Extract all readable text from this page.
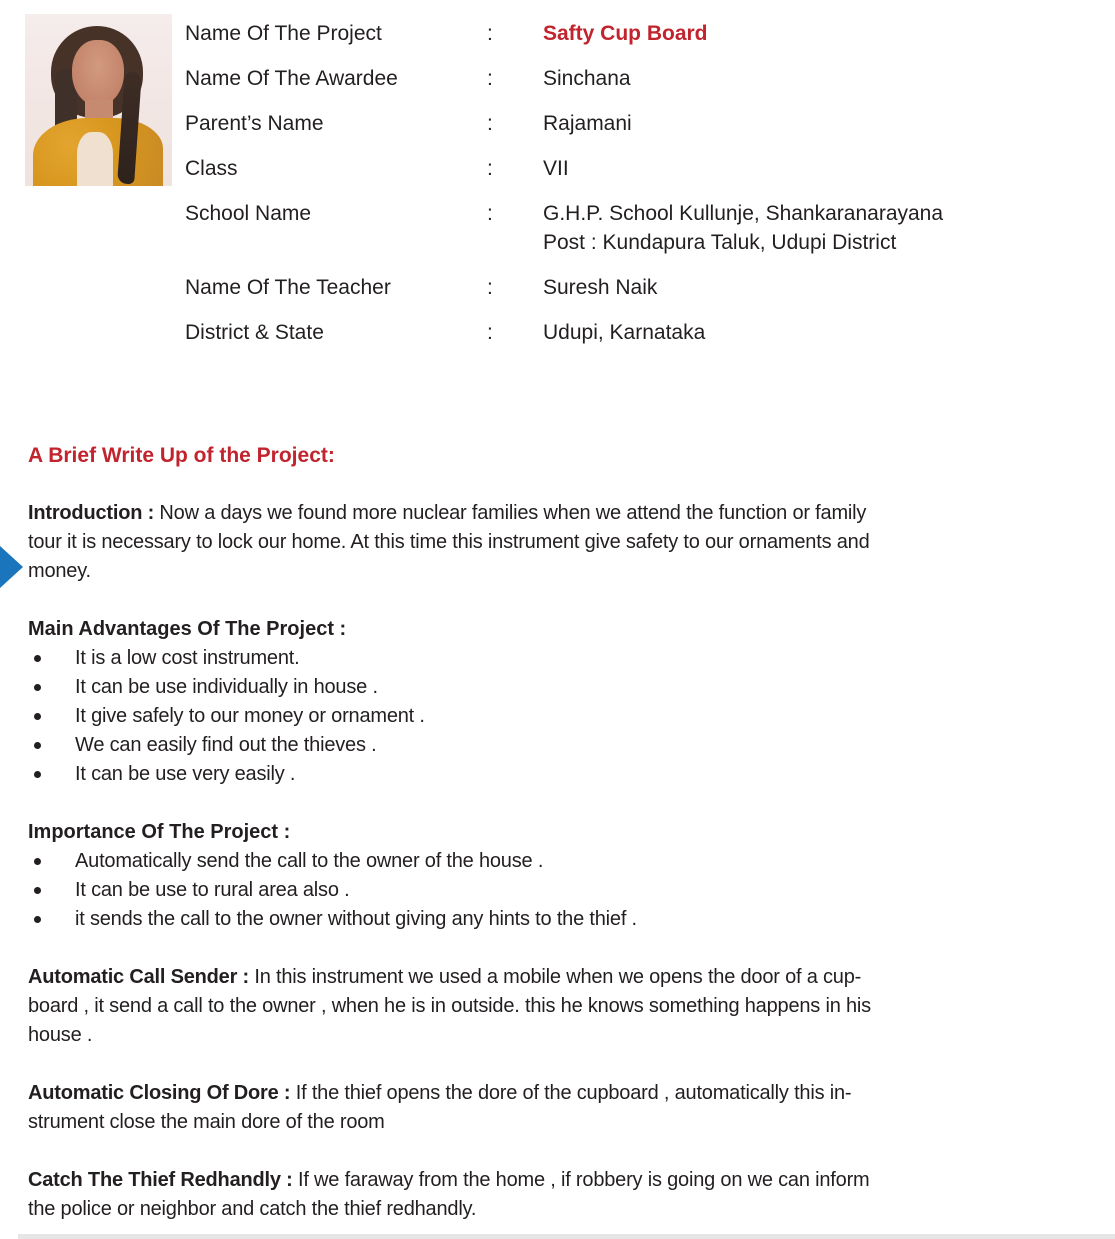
Name Of The Project	:	Safty Cup Board
Name Of The Awardee	:	Sinchana
Parent’s Name	:	Rajamani
Class	:	VII
School Name	:	G.H.P. School Kullunje, Shankaranarayana
Post : Kundapura Taluk, Udupi District
Name Of The Teacher	:	Suresh Naik
District & State	:	Udupi, Karnataka
A Brief Write Up of the Project:
Introduction : Now a days we found more nuclear families when we attend the function or family
tour it is necessary to lock our home. At this time this instrument give safety to our ornaments and
money.
Main Advantages Of The Project :
It is a low cost instrument.
It can be use individually in house .
It give safely to our money or ornament .
We can easily find out the thieves .
It can be use very easily .
Importance Of The Project :
Automatically send the call to the owner of the house .
It can be use to rural area also .
it sends the call to the owner without giving any hints to the thief .
Automatic Call Sender : In this instrument we used a mobile when we opens the door of a cup-
board , it send a call to the owner , when he is in outside. this he knows something happens in his
house .
Automatic Closing Of Dore : If the thief opens the dore of the cupboard , automatically this in-
strument close the main dore of the room
Catch The Thief Redhandly : If we faraway from the home , if robbery is going on we can inform
the police or neighbor and catch the thief redhandly.
